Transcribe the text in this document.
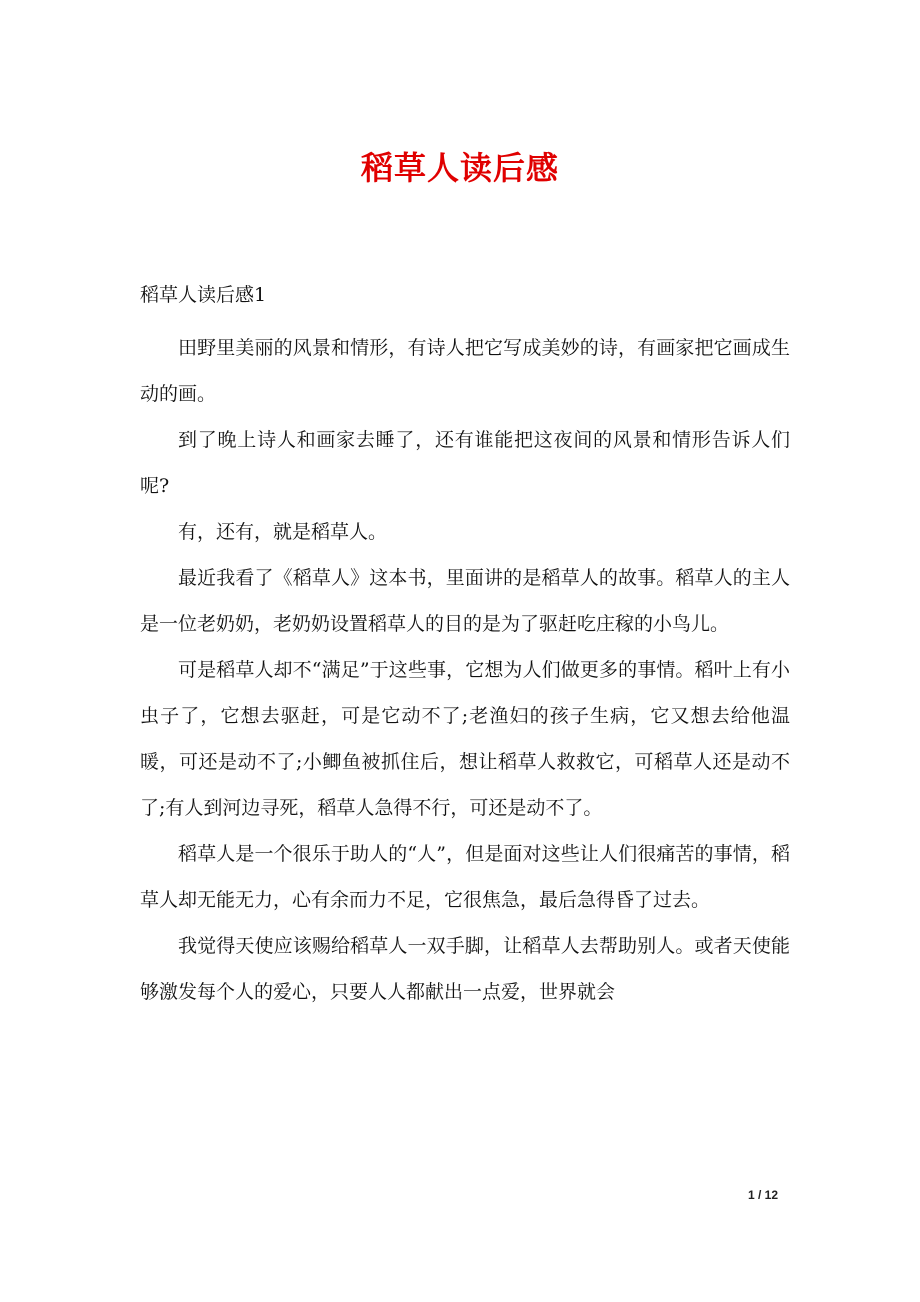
稻草人读后感
稻草人读后感1

田野里美丽的风景和情形，有诗人把它写成美妙的诗，有画家把它画成生动的画。

到了晚上诗人和画家去睡了，还有谁能把这夜间的风景和情形告诉人们呢?

有，还有，就是稻草人。

最近我看了《稻草人》这本书，里面讲的是稻草人的故事。稻草人的主人是一位老奶奶，老奶奶设置稻草人的目的是为了驱赶吃庄稼的小鸟儿。

可是稻草人却不“满足”于这些事，它想为人们做更多的事情。稻叶上有小虫子了，它想去驱赶，可是它动不了;老渔妇的孩子生病，它又想去给他温暖，可还是动不了;小鲫鱼被抓住后，想让稻草人救救它，可稻草人还是动不了;有人到河边寻死，稻草人急得不行，可还是动不了。

稻草人是一个很乐于助人的“人”，但是面对这些让人们很痛苦的事情，稻草人却无能无力，心有余而力不足，它很焦急，最后急得昏了过去。

我觉得天使应该赐给稻草人一双手脚，让稻草人去帮助别人。或者天使能够激发每个人的爱心，只要人人都献出一点爱，世界就会

1 / 12
